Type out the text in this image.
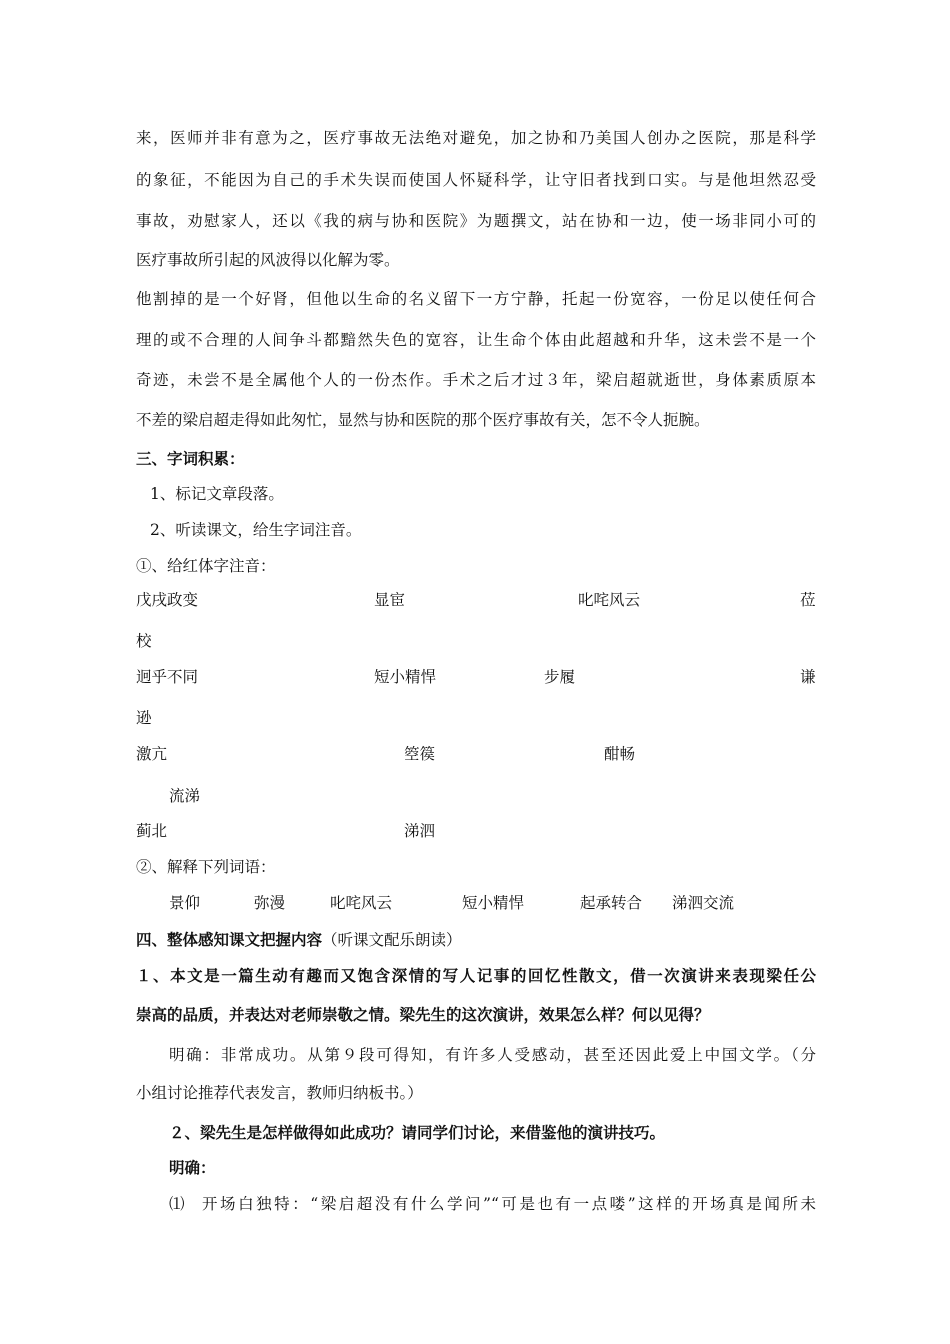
来，医师并非有意为之，医疗事故无法绝对避免，加之协和乃美国人创办之医院，那是科学
的象征，不能因为自己的手术失误而使国人怀疑科学，让守旧者找到口实。与是他坦然忍受
事故，劝慰家人，还以《我的病与协和医院》为题撰文，站在协和一边，使一场非同小可的
医疗事故所引起的风波得以化解为零。
他割掉的是一个好肾，但他以生命的名义留下一方宁静，托起一份宽容，一份足以使任何合
理的或不合理的人间争斗都黯然失色的宽容，让生命个体由此超越和升华，这未尝不是一个
奇迹，未尝不是全属他个人的一份杰作。手术之后才过３年，梁启超就逝世，身体素质原本
不差的梁启超走得如此匆忙，显然与协和医院的那个医疗事故有关，怎不令人扼腕。
三、字词积累：
1、标记文章段落。
2、听读课文，给生字词注音。
①、给红体字注音：
戊戌政变	显宦	叱咤风云	莅
校
迥乎不同	短小精悍	步履	谦
逊
激亢	箜篌	酣畅
流涕
蓟北	涕泗
②、解释下列词语：
景仰	弥漫	叱咤风云	短小精悍	起承转合 涕泗交流
四、整体感知课文把握内容（听课文配乐朗读）
１、本文是一篇生动有趣而又饱含深情的写人记事的回忆性散文，借一次演讲来表现梁任公
崇高的品质，并表达对老师崇敬之情。梁先生的这次演讲，效果怎么样？何以见得？
明确：非常成功。从第９段可得知，有许多人受感动，甚至还因此爱上中国文学。（分
小组讨论推荐代表发言，教师归纳板书。）
２、梁先生是怎样做得如此成功？请同学们讨论，来借鉴他的演讲技巧。
明确：
⑴ 开场白独特：“梁启超没有什么学问”“可是也有一点喽”这样的开场真是闻所未
